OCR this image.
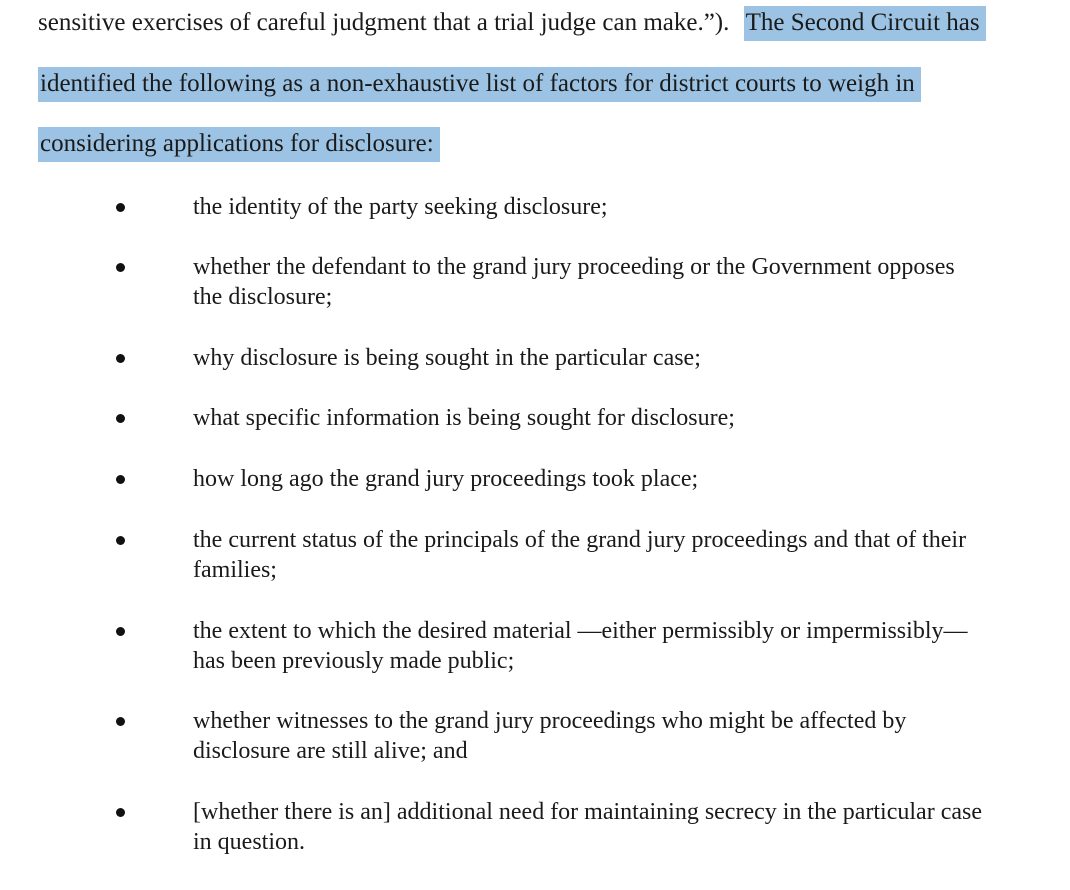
sensitive exercises of careful judgment that a trial judge can make.”). The Second Circuit has
identified the following as a non-exhaustive list of factors for district courts to weigh in
considering applications for disclosure:
the identity of the party seeking disclosure;
whether the defendant to the grand jury proceeding or the Government opposes
the disclosure;
why disclosure is being sought in the particular case;
what specific information is being sought for disclosure;
how long ago the grand jury proceedings took place;
the current status of the principals of the grand jury proceedings and that of their
families;
the extent to which the desired material —either permissibly or impermissibly—
has been previously made public;
whether witnesses to the grand jury proceedings who might be affected by
disclosure are still alive; and
[whether there is an] additional need for maintaining secrecy in the particular case
in question.
